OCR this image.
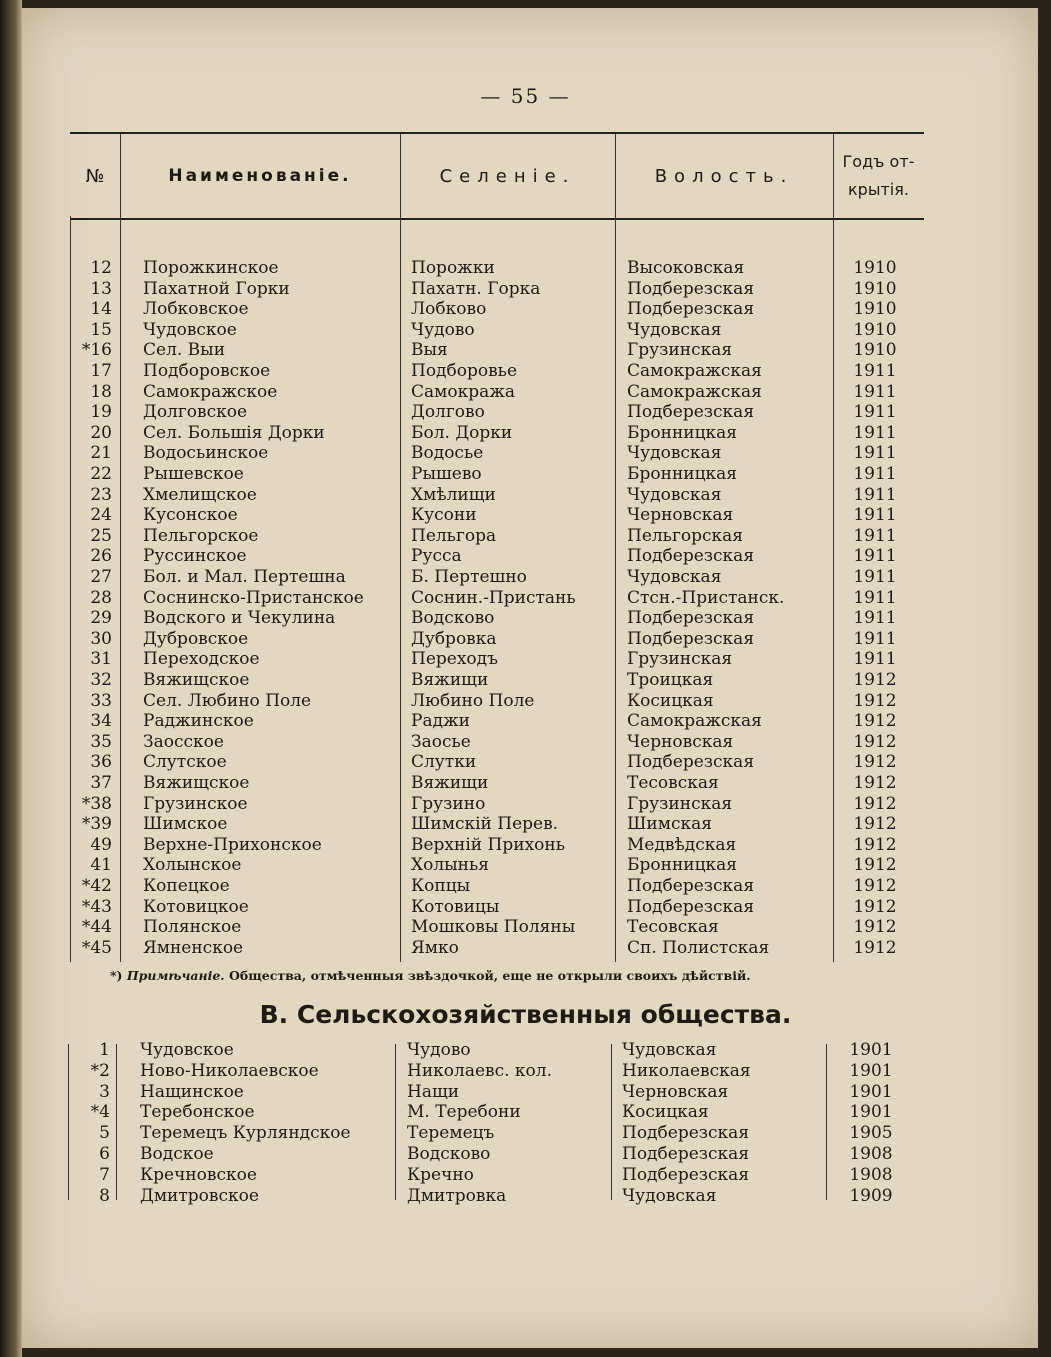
— 55 —
№	Наименованіе.	Селеніе.	Волость.
Годъ от-
крытія.
12 Порожкинское	Порожки	Высоковская	1910
13 Пахатной Горки	Пахатн. Горка	Подберезская	1910
14 Лобковское	Лобково	Подберезская	1910
15 Чудовское	Чудово	Чудовская	1910
*16 Сел. Выи	Выя	Грузинская	1910
17 Подборовское	Подборовье	Самокражская	1911
18 Самокражское	Самокража	Самокражская	1911
19 Долговское	Долгово	Подберезская	1911
20 Сел. Большія Дорки	Бол. Дорки	Бронницкая	1911
21 Водосьинское	Водосье	Чудовская	1911
22 Рышевское	Рышево	Бронницкая	1911
23 Хмелищское	Хмѣлищи	Чудовская	1911
24 Кусонское	Кусони	Черновская	1911
25 Пельгорское	Пельгора	Пельгорская	1911
26 Руссинское	Русса	Подберезская	1911
27 Бол. и Мал. Пертешна	Б. Пертешно	Чудовская	1911
28 Соснинско-Пристанское	Соснин.-Пристань	Стсн.-Пристанск.	1911
29 Водского и Чекулина	Водсково	Подберезская	1911
30 Дубровское	Дубровка	Подберезская	1911
31 Переходское	Переходъ	Грузинская	1911
32 Вяжищское	Вяжищи	Троицкая	1912
33 Сел. Любино Поле	Любино Поле	Косицкая	1912
34 Раджинское	Раджи	Самокражская	1912
35 Заосское	Заосье	Черновская	1912
36 Слутское	Слутки	Подберезская	1912
37 Вяжищское	Вяжищи	Тесовская	1912
*38 Грузинское	Грузино	Грузинская	1912
*39 Шимское	Шимскій Перев.	Шимская	1912
49 Верхне-Прихонское	Верхній Прихонь	Медвѣдская	1912
41 Холынское	Холынья	Бронницкая	1912
*42 Копецкое	Копцы	Подберезская	1912
*43 Котовицкое	Котовицы	Подберезская	1912
*44 Полянское	Мошковы Поляны	Тесовская	1912
*45 Ямненское	Ямко	Сп. Полистская	1912
*) Примѣчаніе. Общества, отмѣченныя звѣздочкой, еще не открыли своихъ дѣйствій.
В. Сельскохозяйственныя общества.
1 Чудовское	Чудово	Чудовская	1901
*2 Ново-Николаевское	Николаевс. кол.	Николаевская	1901
3 Нащинское	Нащи	Черновская	1901
*4 Теребонское	М. Теребони	Косицкая	1901
5 Теремецъ Курляндское	Теремецъ	Подберезская	1905
6 Водское	Водсково	Подберезская	1908
7 Кречновское	Кречно	Подберезская	1908
8 Дмитровское	Дмитровка	Чудовская	1909
